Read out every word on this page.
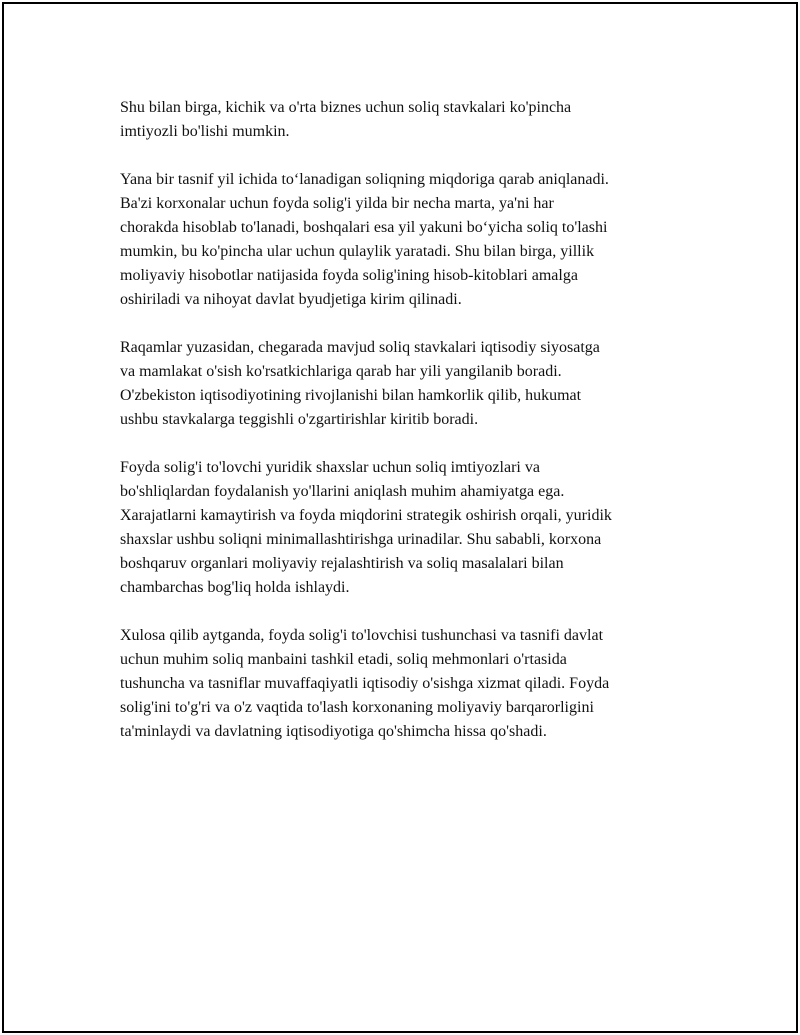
Shu bilan birga, kichik va o'rta biznes uchun soliq stavkalari ko'pincha
imtiyozli bo'lishi mumkin.

Yana bir tasnif yil ichida to‘lanadigan soliqning miqdoriga qarab aniqlanadi.
Ba'zi korxonalar uchun foyda solig'i yilda bir necha marta, ya'ni har
chorakda hisoblab to'lanadi, boshqalari esa yil yakuni bo‘yicha soliq to'lashi
mumkin, bu ko'pincha ular uchun qulaylik yaratadi. Shu bilan birga, yillik
moliyaviy hisobotlar natijasida foyda solig'ining hisob-kitoblari amalga
oshiriladi va nihoyat davlat byudjetiga kirim qilinadi.

Raqamlar yuzasidan, chegarada mavjud soliq stavkalari iqtisodiy siyosatga
va mamlakat o'sish ko'rsatkichlariga qarab har yili yangilanib boradi.
O'zbekiston iqtisodiyotining rivojlanishi bilan hamkorlik qilib, hukumat
ushbu stavkalarga teggishli o'zgartirishlar kiritib boradi.

Foyda solig'i to'lovchi yuridik shaxslar uchun soliq imtiyozlari va
bo'shliqlardan foydalanish yo'llarini aniqlash muhim ahamiyatga ega.
Xarajatlarni kamaytirish va foyda miqdorini strategik oshirish orqali, yuridik
shaxslar ushbu soliqni minimallashtirishga urinadilar. Shu sababli, korxona
boshqaruv organlari moliyaviy rejalashtirish va soliq masalalari bilan
chambarchas bog'liq holda ishlaydi.

Xulosa qilib aytganda, foyda solig'i to'lovchisi tushunchasi va tasnifi davlat
uchun muhim soliq manbaini tashkil etadi, soliq mehmonlari o'rtasida
tushuncha va tasniflar muvaffaqiyatli iqtisodiy o'sishga xizmat qiladi. Foyda
solig'ini to'g'ri va o'z vaqtida to'lash korxonaning moliyaviy barqarorligini
ta'minlaydi va davlatning iqtisodiyotiga qo'shimcha hissa qo'shadi.
